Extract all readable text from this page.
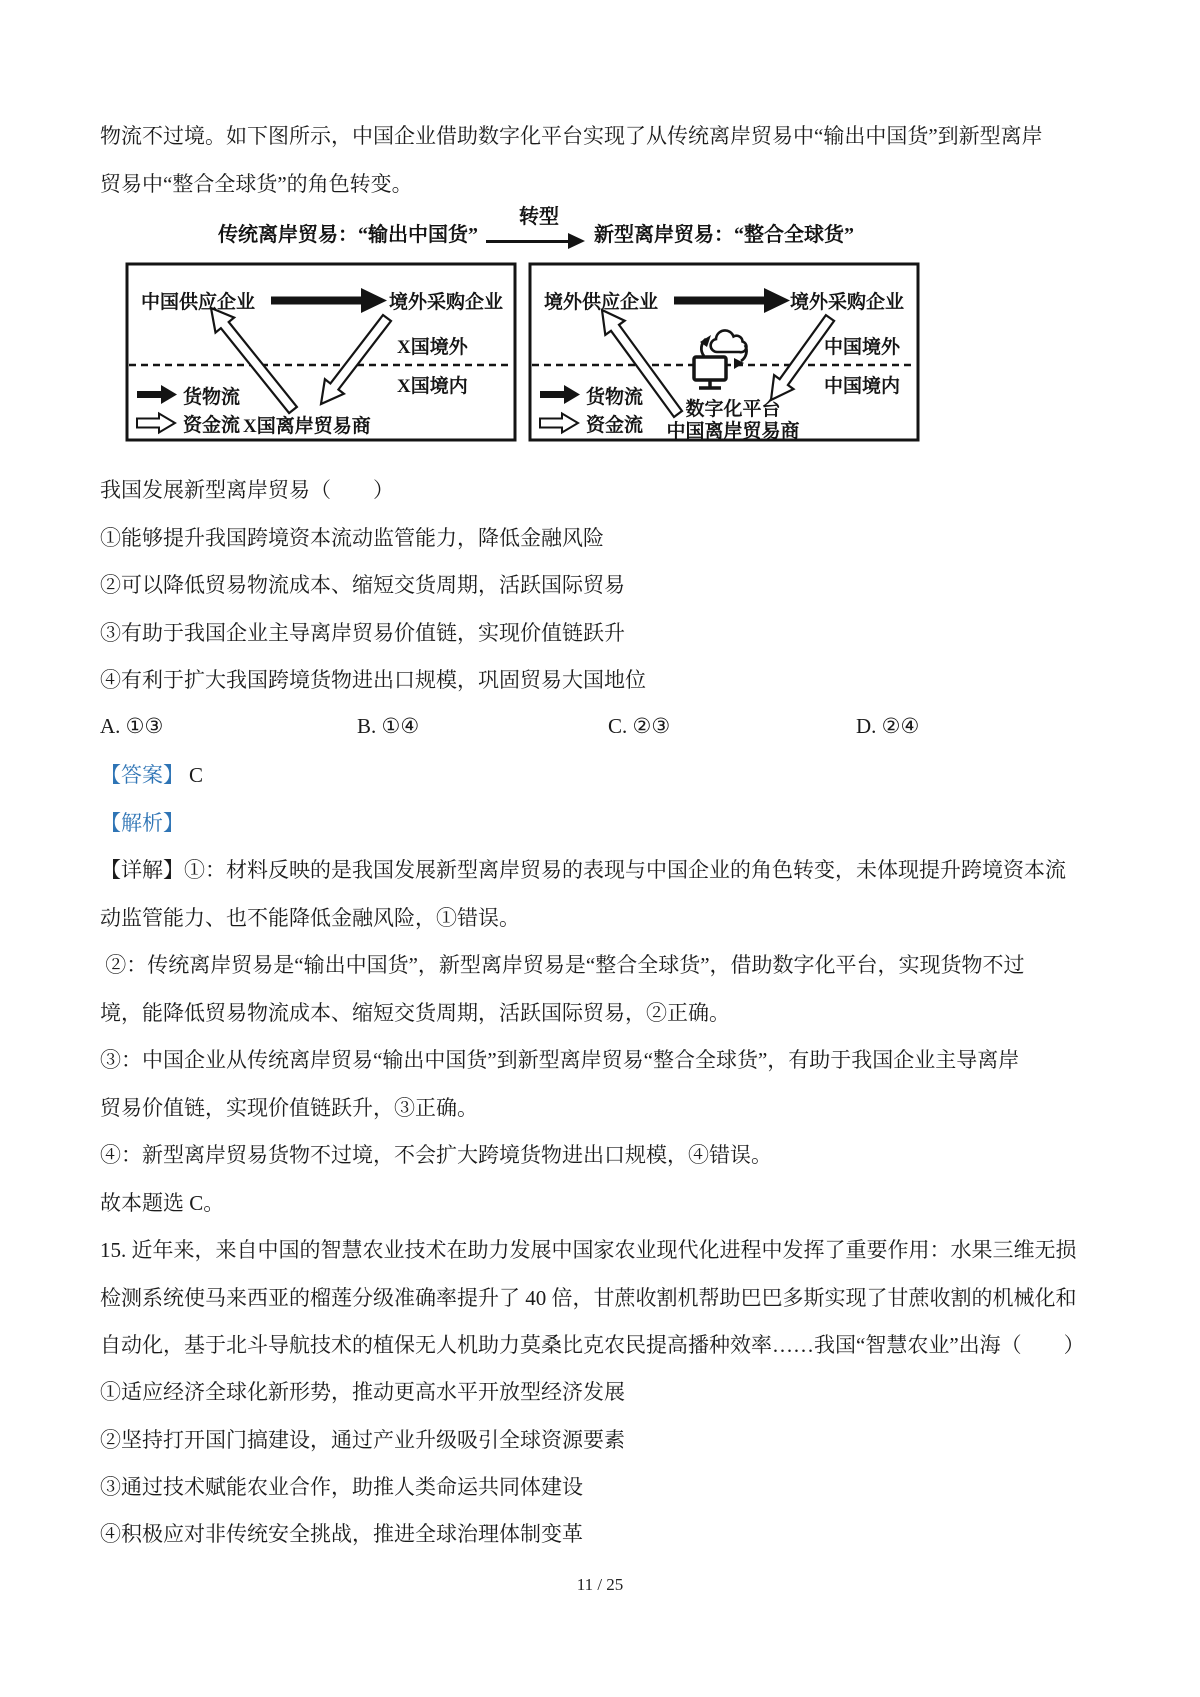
物流不过境。如下图所示，中国企业借助数字化平台实现了从传统离岸贸易中“输出中国货”到新型离岸
贸易中“整合全球货”的角色转变。
传统离岸贸易：“输出中国货”
转型
新型离岸贸易：“整合全球货”
中国供应企业	境外采购企业
X国境外
X国境内
货物流
资金流 X国离岸贸易商
境外供应企业	境外采购企业
中国境外
中国境内
货物流
资金流
数字化平台
中国离岸贸易商
我国发展新型离岸贸易（　　）
①能够提升我国跨境资本流动监管能力，降低金融风险
②可以降低贸易物流成本、缩短交货周期，活跃国际贸易
③有助于我国企业主导离岸贸易价值链，实现价值链跃升
④有利于扩大我国跨境货物进出口规模，巩固贸易大国地位
A. ①③	B. ①④	C. ②③	D. ②④
【答案】 C
【解析】
【详解】①：材料反映的是我国发展新型离岸贸易的表现与中国企业的角色转变，未体现提升跨境资本流
动监管能力、也不能降低金融风险，①错误。
②：传统离岸贸易是“输出中国货”，新型离岸贸易是“整合全球货”，借助数字化平台，实现货物不过
境，能降低贸易物流成本、缩短交货周期，活跃国际贸易，②正确。
③：中国企业从传统离岸贸易“输出中国货”到新型离岸贸易“整合全球货”，有助于我国企业主导离岸
贸易价值链，实现价值链跃升，③正确。
④：新型离岸贸易货物不过境，不会扩大跨境货物进出口规模，④错误。
故本题选 C。
15. 近年来，来自中国的智慧农业技术在助力发展中国家农业现代化进程中发挥了重要作用：水果三维无损
检测系统使马来西亚的榴莲分级准确率提升了 40 倍，甘蔗收割机帮助巴巴多斯实现了甘蔗收割的机械化和
自动化，基于北斗导航技术的植保无人机助力莫桑比克农民提高播种效率……我国“智慧农业”出海（　　）
①适应经济全球化新形势，推动更高水平开放型经济发展
②坚持打开国门搞建设，通过产业升级吸引全球资源要素
③通过技术赋能农业合作，助推人类命运共同体建设
④积极应对非传统安全挑战，推进全球治理体制变革
11 / 25
